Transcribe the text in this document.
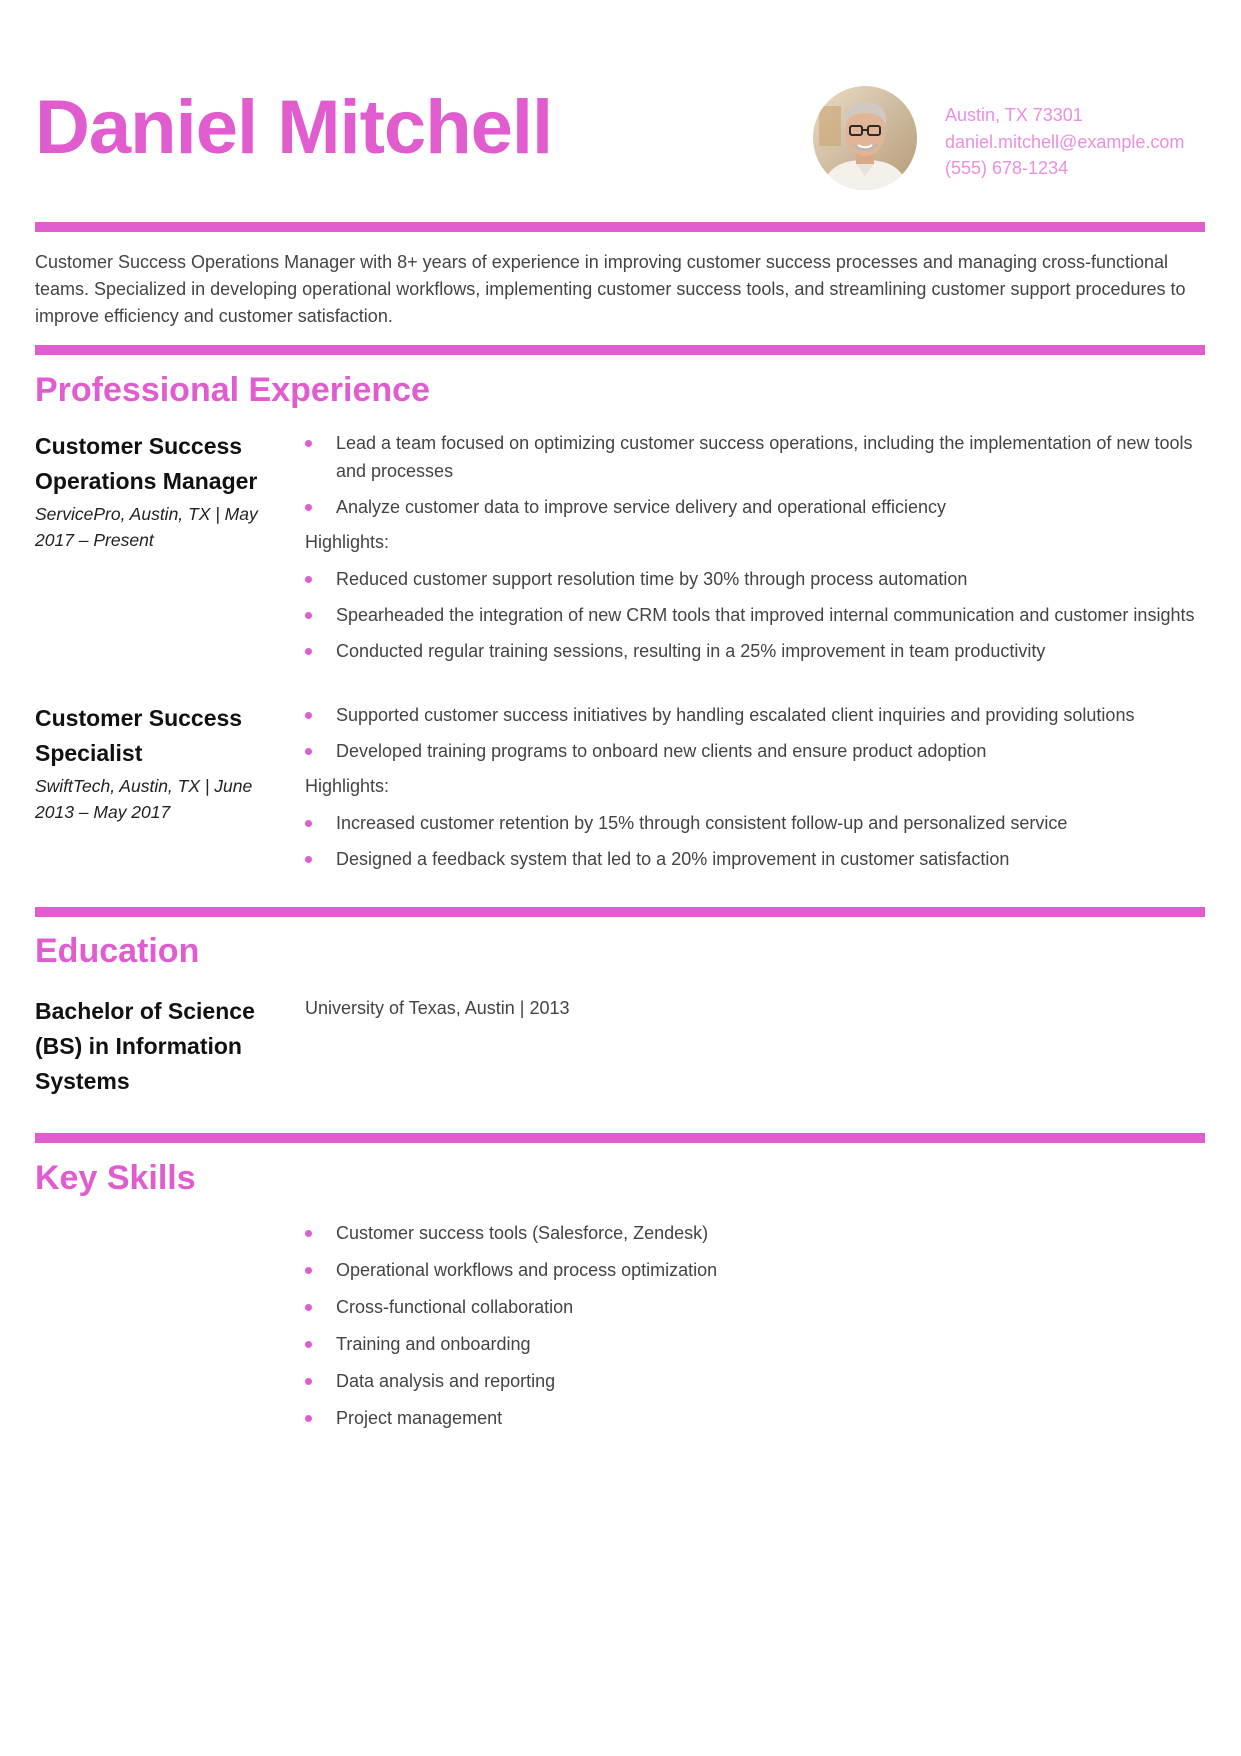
Daniel Mitchell	Austin, TX 73301
daniel.mitchell@example.com
(555) 678-1234
Customer Success Operations Manager with 8+ years of experience in improving customer success processes and managing cross-functional teams. Specialized in developing operational workflows, implementing customer success tools, and streamlining customer support procedures to improve efficiency and customer satisfaction.
Professional Experience
Customer Success Operations Manager
ServicePro, Austin, TX | May 2017 – Present
Lead a team focused on optimizing customer success operations, including the implementation of new tools and processes
Analyze customer data to improve service delivery and operational efficiency
Highlights:
Reduced customer support resolution time by 30% through process automation
Spearheaded the integration of new CRM tools that improved internal communication and customer insights
Conducted regular training sessions, resulting in a 25% improvement in team productivity
Customer Success Specialist
SwiftTech, Austin, TX | June 2013 – May 2017
Supported customer success initiatives by handling escalated client inquiries and providing solutions
Developed training programs to onboard new clients and ensure product adoption
Highlights:
Increased customer retention by 15% through consistent follow-up and personalized service
Designed a feedback system that led to a 20% improvement in customer satisfaction
Education
Bachelor of Science (BS) in Information Systems
University of Texas, Austin | 2013
Key Skills
Customer success tools (Salesforce, Zendesk)
Operational workflows and process optimization
Cross-functional collaboration
Training and onboarding
Data analysis and reporting
Project management
